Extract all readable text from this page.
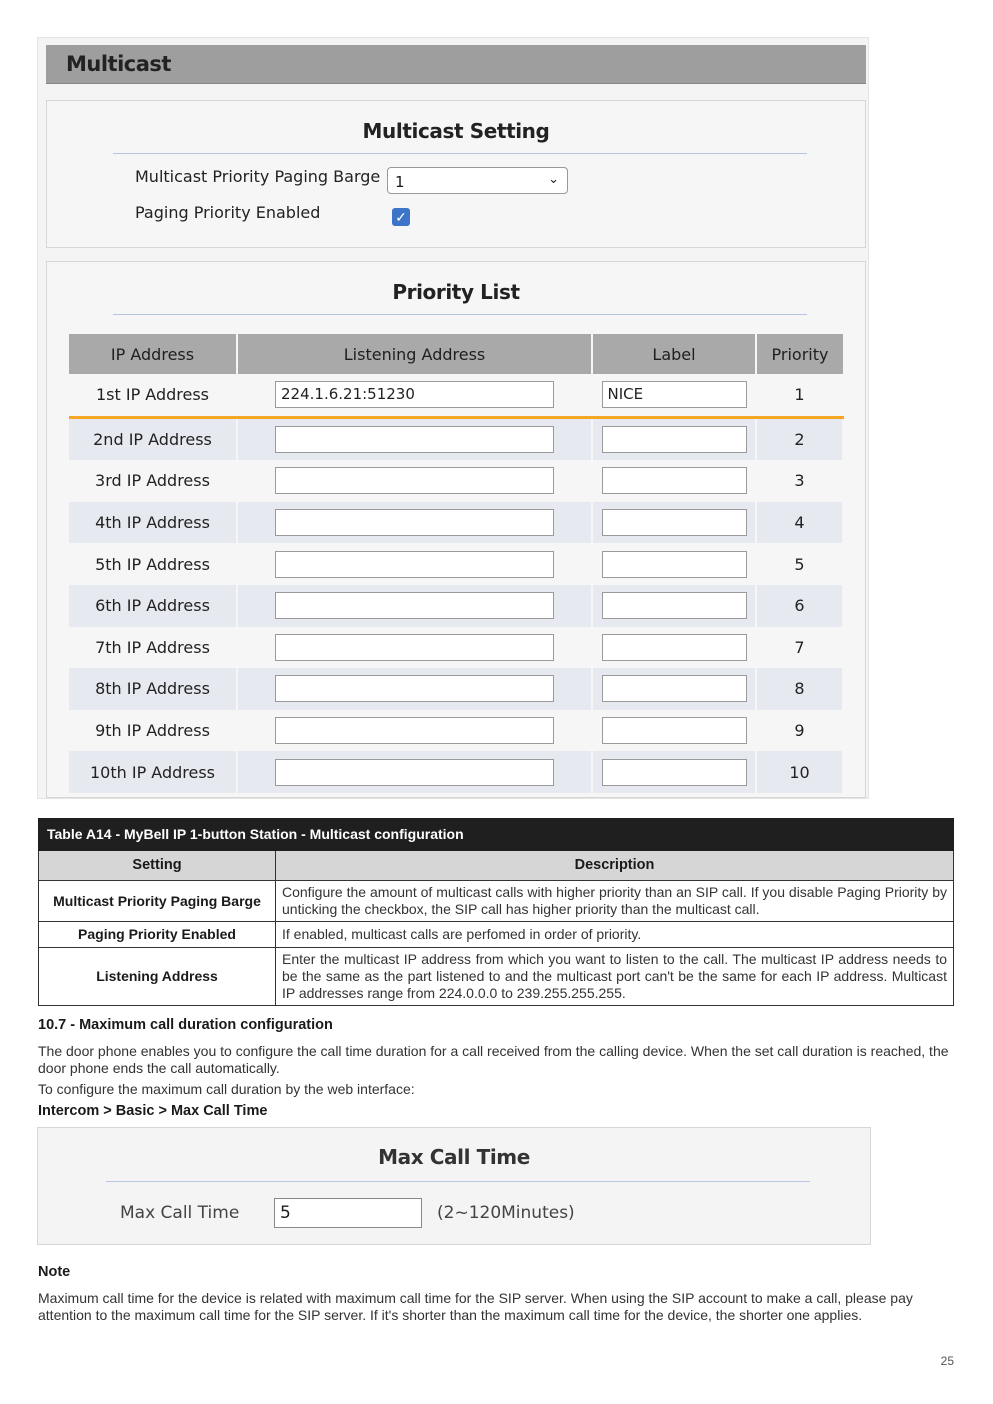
Multicast
Multicast Setting
Multicast Priority Paging Barge 1	⌄
Paging Priority Enabled	✓
Priority List
IP Address	Listening Address	Label	Priority
1st IP Address	224.1.6.21:51230	NICE	1
2nd IP Address			2
3rd IP Address			3
4th IP Address			4
5th IP Address			5
6th IP Address			6
7th IP Address			7
8th IP Address			8
9th IP Address			9
10th IP Address			10
Table A14 - MyBell IP 1-button Station - Multicast configuration	
Setting	Description
Multicast Priority Paging Barge	Configure the amount of multicast calls with higher priority than an SIP call. If you disable Paging Priority by unticking the checkbox, the SIP call has higher priority than the multicast call.
Paging Priority Enabled	If enabled, multicast calls are perfomed in order of priority.
Listening Address	Enter the multicast IP address from which you want to listen to the call. The multicast IP address needs to be the same as the part listened to and the multicast port can't be the same for each IP address. Multicast IP addresses range from 224.0.0.0 to 239.255.255.255.
10.7 - Maximum call duration configuration
The door phone enables you to configure the call time duration for a call received from the calling device. When the set call duration is reached, the door phone ends the call automatically.
To configure the maximum call duration by the web interface:
Intercom > Basic > Max Call Time
Max Call Time
Max Call Time	5	(2~120Minutes)
Note
Maximum call time for the device is related with maximum call time for the SIP server. When using the SIP account to make a call, please pay attention to the maximum call time for the SIP server. If it's shorter than the maximum call time for the device, the shorter one applies.
25
